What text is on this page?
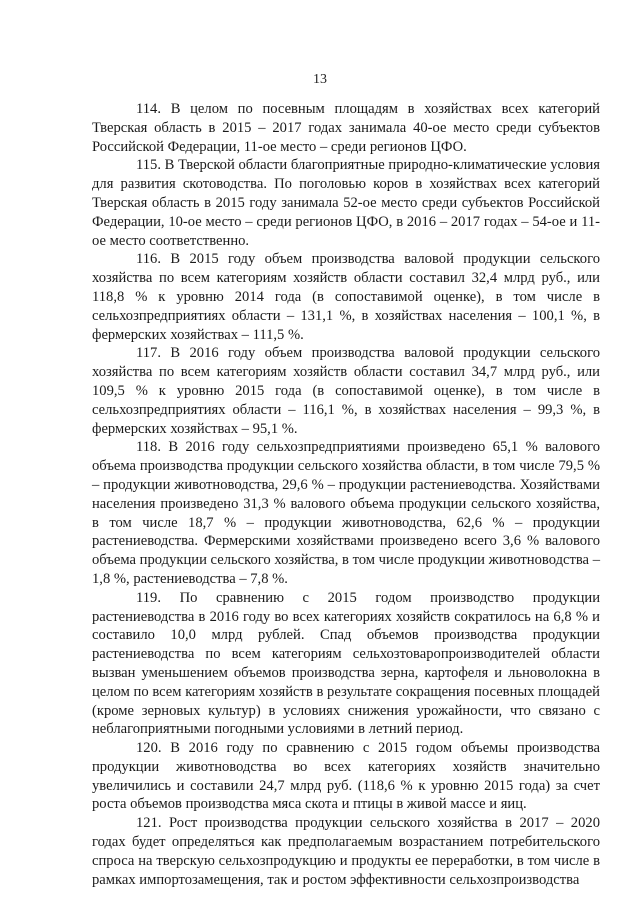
13

114. В целом по посевным площадям в хозяйствах всех категорий Тверская область в 2015 – 2017 годах занимала 40-ое место среди субъектов Российской Федерации, 11-ое место – среди регионов ЦФО.

115. В Тверской области благоприятные природно-климатические условия для развития скотоводства. По поголовью коров в хозяйствах всех категорий Тверская область в 2015 году занимала 52-ое место среди субъектов Российской Федерации, 10-ое место – среди регионов ЦФО, в 2016 – 2017 годах – 54-ое и 11-ое место соответственно.

116. В 2015 году объем производства валовой продукции сельского хозяйства по всем категориям хозяйств области составил 32,4 млрд руб., или 118,8 % к уровню 2014 года (в сопоставимой оценке), в том числе в сельхозпредприятиях области – 131,1 %, в хозяйствах населения – 100,1 %, в фермерских хозяйствах – 111,5 %.

117. В 2016 году объем производства валовой продукции сельского хозяйства по всем категориям хозяйств области составил 34,7 млрд руб., или 109,5 % к уровню 2015 года (в сопоставимой оценке), в том числе в сельхозпредприятиях области – 116,1 %, в хозяйствах населения – 99,3 %, в фермерских хозяйствах – 95,1 %.

118. В 2016 году сельхозпредприятиями произведено 65,1 % валового объема производства продукции сельского хозяйства области, в том числе 79,5 % – продукции животноводства, 29,6 % – продукции растениеводства. Хозяйствами населения произведено 31,3 % валового объема продукции сельского хозяйства, в том числе 18,7 % – продукции животноводства, 62,6 % – продукции растениеводства. Фермерскими хозяйствами произведено всего 3,6 % валового объема продукции сельского хозяйства, в том числе продукции животноводства – 1,8 %, растениеводства – 7,8 %.

119. По сравнению с 2015 годом производство продукции растениеводства в 2016 году во всех категориях хозяйств сократилось на 6,8 % и составило 10,0 млрд рублей. Спад объемов производства продукции растениеводства по всем категориям сельхозтоваропроизводителей области вызван уменьшением объемов производства зерна, картофеля и льноволокна в целом по всем категориям хозяйств в результате сокращения посевных площадей (кроме зерновых культур) в условиях снижения урожайности, что связано с неблагоприятными погодными условиями в летний период.

120. В 2016 году по сравнению с 2015 годом объемы производства продукции животноводства во всех категориях хозяйств значительно увеличились и составили 24,7 млрд руб. (118,6 % к уровню 2015 года) за счет роста объемов производства мяса скота и птицы в живой массе и яиц.

121. Рост производства продукции сельского хозяйства в 2017 – 2020 годах будет определяться как предполагаемым возрастанием потребительского спроса на тверскую сельхозпродукцию и продукты ее переработки, в том числе в рамках импортозамещения, так и ростом эффективности сельхозпроизводства
